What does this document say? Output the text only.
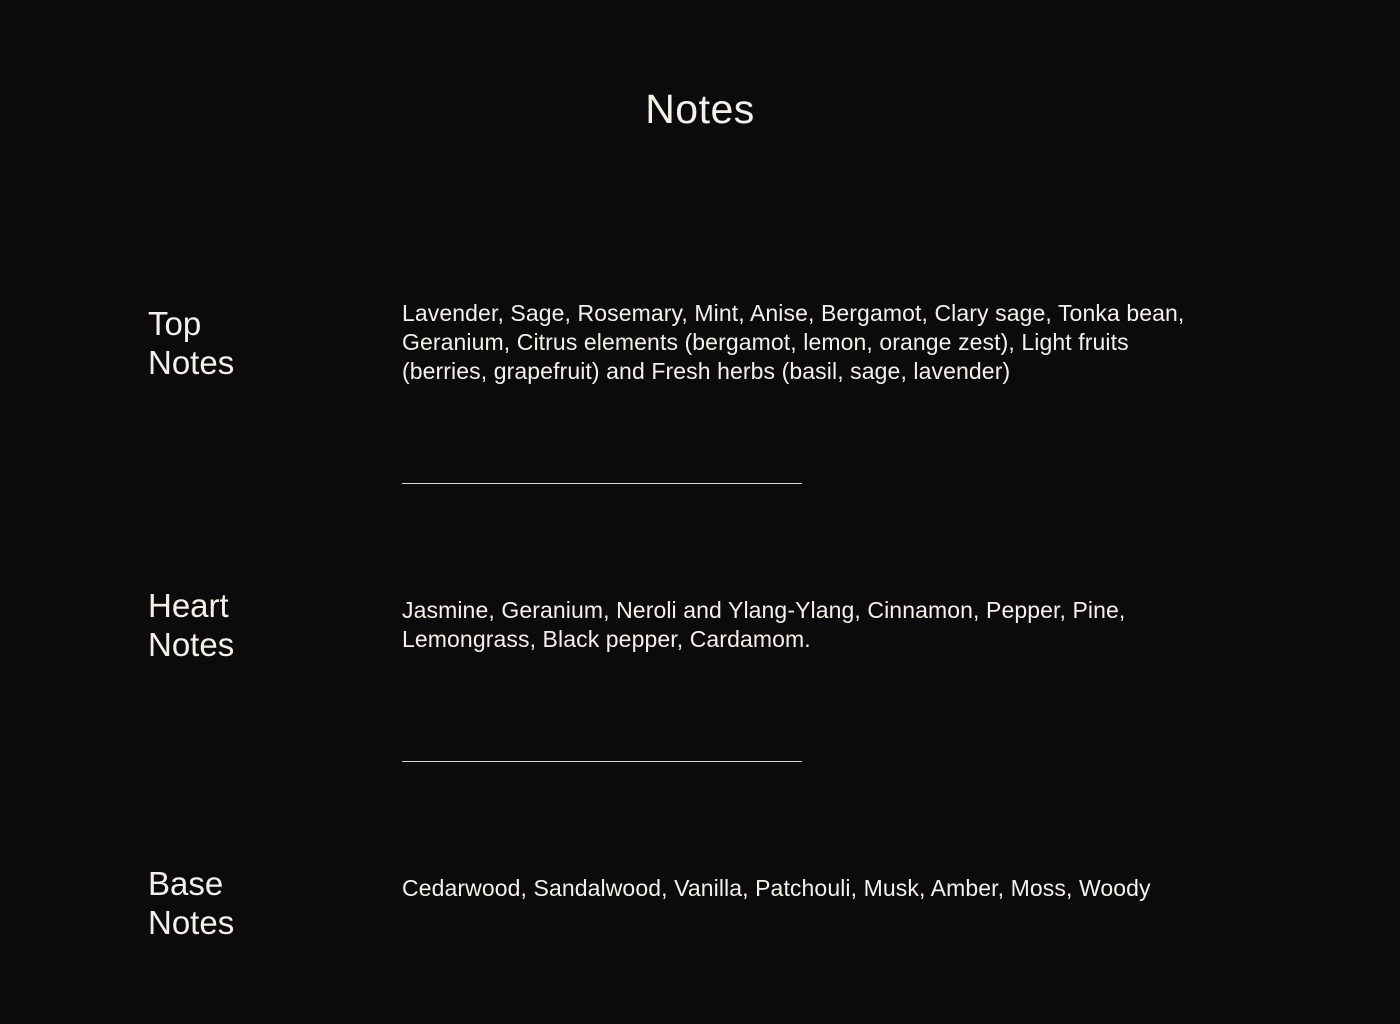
Notes
Top
Notes
Lavender, Sage, Rosemary, Mint, Anise, Bergamot, Clary sage, Tonka bean, Geranium, Citrus elements (bergamot, lemon, orange zest), Light fruits (berries, grapefruit) and Fresh herbs (basil, sage, lavender)
Heart
Notes
Jasmine, Geranium, Neroli and Ylang-Ylang, Cinnamon, Pepper, Pine, Lemongrass, Black pepper, Cardamom.
Base
Notes
Cedarwood, Sandalwood, Vanilla, Patchouli, Musk, Amber, Moss, Woody
